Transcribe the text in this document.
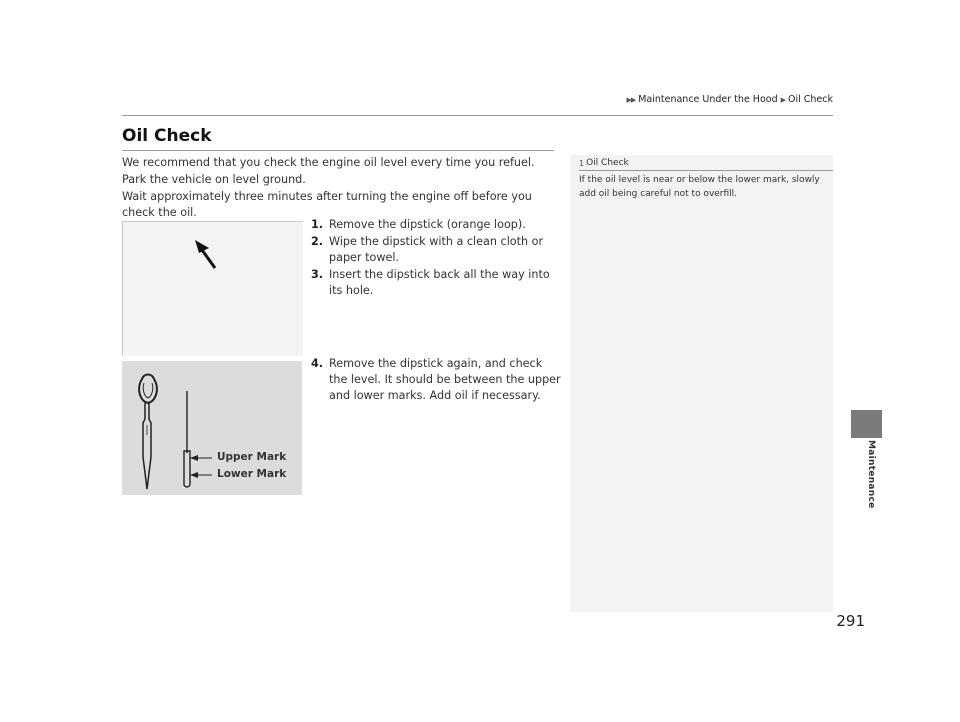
▶▶ Maintenance Under the Hood ▶ Oil Check
Oil Check

We recommend that you check the engine oil level every time you refuel.

Park the vehicle on level ground.

Wait approximately three minutes after turning the engine off before you check the oil.

1. Remove the dipstick (orange loop).
2. Wipe the dipstick with a clean cloth or paper towel.
3. Insert the dipstick back all the way into its hole.
Upper Mark
Lower Mark
4. Remove the dipstick again, and check the level. It should be between the upper and lower marks. Add oil if necessary.
1 Oil Check
If the oil level is near or below the lower mark, slowly add oil being careful not to overfill.
Maintenance
291
